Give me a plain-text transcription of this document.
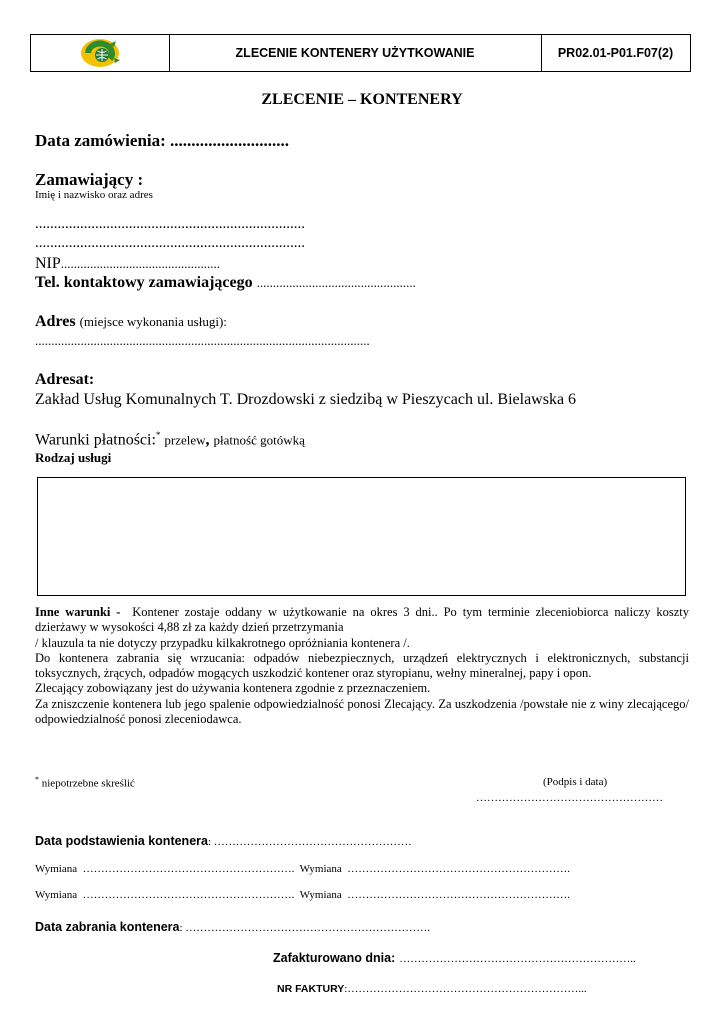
ZLECENIE KONTENERY UŻYTKOWANIE	PR02.01-P01.F07(2)
ZLECENIE – KONTENERY
Data zamówienia: ............................
Zamawiający :
Imię i nazwisko oraz adres
........................................................................
........................................................................
NIP.................................................
Tel. kontaktowy zamawiającego .................................................
Adres (miejsce wykonania usługi):
.......................................................................................................
Adresat:
Zakład Usług Komunalnych T. Drozdowski z siedzibą w Pieszycach ul. Bielawska 6
Warunki płatności:* przelew, płatność gotówką
Rodzaj usługi
Inne warunki - Kontener zostaje oddany w użytkowanie na okres 3 dni.. Po tym terminie zleceniobiorca naliczy koszty dzierżawy w wysokości 4,88 zł za każdy dzień przetrzymania
/ klauzula ta nie dotyczy przypadku kilkakrotnego opróżniania kontenera /.
Do kontenera zabrania się wrzucania: odpadów niebezpiecznych, urządzeń elektrycznych i elektronicznych, substancji toksycznych, żrących, odpadów mogących uszkodzić kontener oraz styropianu, wełny mineralnej, papy i opon.
Zlecający zobowiązany jest do używania kontenera zgodnie z przeznaczeniem.
Za zniszczenie kontenera lub jego spalenie odpowiedzialność ponosi Zlecający. Za uszkodzenia /powstałe nie z winy zlecającego/ odpowiedzialność ponosi zleceniodawca.
* niepotrzebne skreślić	(Podpis i data)
……………………………………………
Data podstawienia kontenera: ………………………………………………
Wymiana …………………………………………………. Wymiana …………………………………………………….
Wymiana …………………………………………………. Wymiana …………………………………………………….
Data zabrania kontenera: ………………………………………………………….
Zafakturowano dnia: ………………………………………………………..
NR FAKTURY:………………………………………………………...
